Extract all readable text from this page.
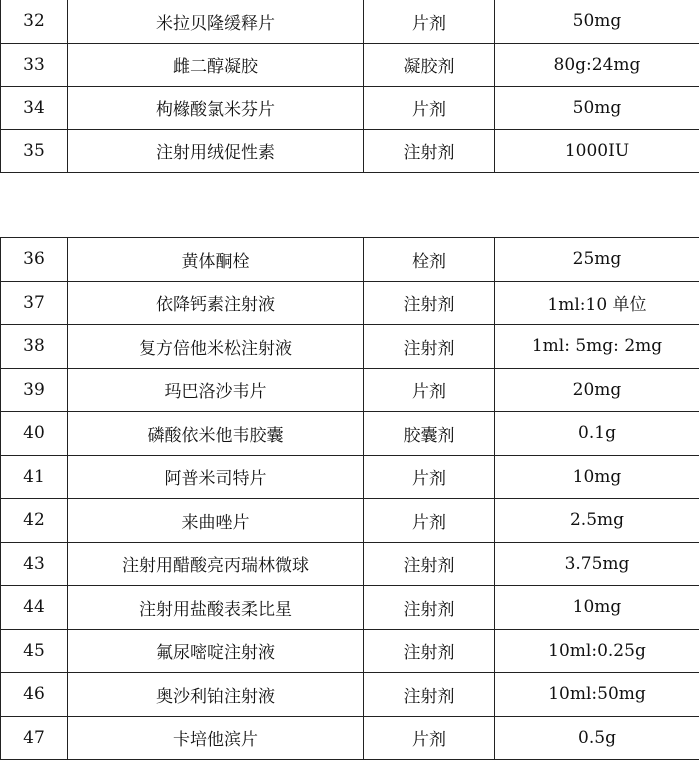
32	米拉贝隆缓释片	片剂	50mg
33	雌二醇凝胶	凝胶剂	80g:24mg
34	枸橼酸氯米芬片	片剂	50mg
35	注射用绒促性素	注射剂	1000IU
36	黄体酮栓	栓剂	25mg
37	依降钙素注射液	注射剂	1ml:10 单位
38	复方倍他米松注射液	注射剂	1ml: 5mg: 2mg
39	玛巴洛沙韦片	片剂	20mg
40	磷酸依米他韦胶囊	胶囊剂	0.1g
41	阿普米司特片	片剂	10mg
42	来曲唑片	片剂	2.5mg
43	注射用醋酸亮丙瑞林微球	注射剂	3.75mg
44	注射用盐酸表柔比星	注射剂	10mg
45	氟尿嘧啶注射液	注射剂	10ml:0.25g
46	奥沙利铂注射液	注射剂	10ml:50mg
47	卡培他滨片	片剂	0.5g
